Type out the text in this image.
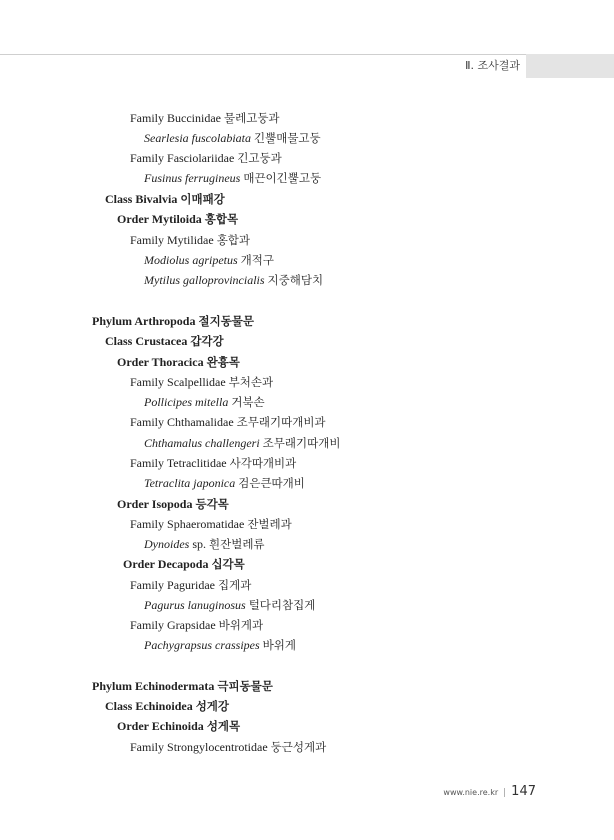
Ⅱ. 조사결과
Family Buccinidae 물레고둥과
Searlesia fuscolabiata 긴뿔매물고둥
Family Fasciolariidae 긴고둥과
Fusinus ferrugineus 매끈이긴뿔고둥
Class Bivalvia 이매패강
Order Mytiloida 홍합목
Family Mytilidae 홍합과
Modiolus agripetus 개적구
Mytilus galloprovincialis 지중해담치
Phylum Arthropoda 절지동물문
Class Crustacea 갑각강
Order Thoracica 완흉목
Family Scalpellidae 부처손과
Pollicipes mitella 거북손
Family Chthamalidae 조무래기따개비과
Chthamalus challengeri 조무래기따개비
Family Tetraclitidae 사각따개비과
Tetraclita japonica 검은큰따개비
Order Isopoda 등각목
Family Sphaeromatidae 잔벌레과
Dynoides sp. 흰잔벌레류
Order Decapoda 십각목
Family Paguridae 집게과
Pagurus lanuginosus 털다리참집게
Family Grapsidae 바위게과
Pachygrapsus crassipes 바위게
Phylum Echinodermata 극피동물문
Class Echinoidea 성게강
Order Echinoida 성게목
Family Strongylocentrotidae 둥근성게과
www.nie.re.kr | 147
